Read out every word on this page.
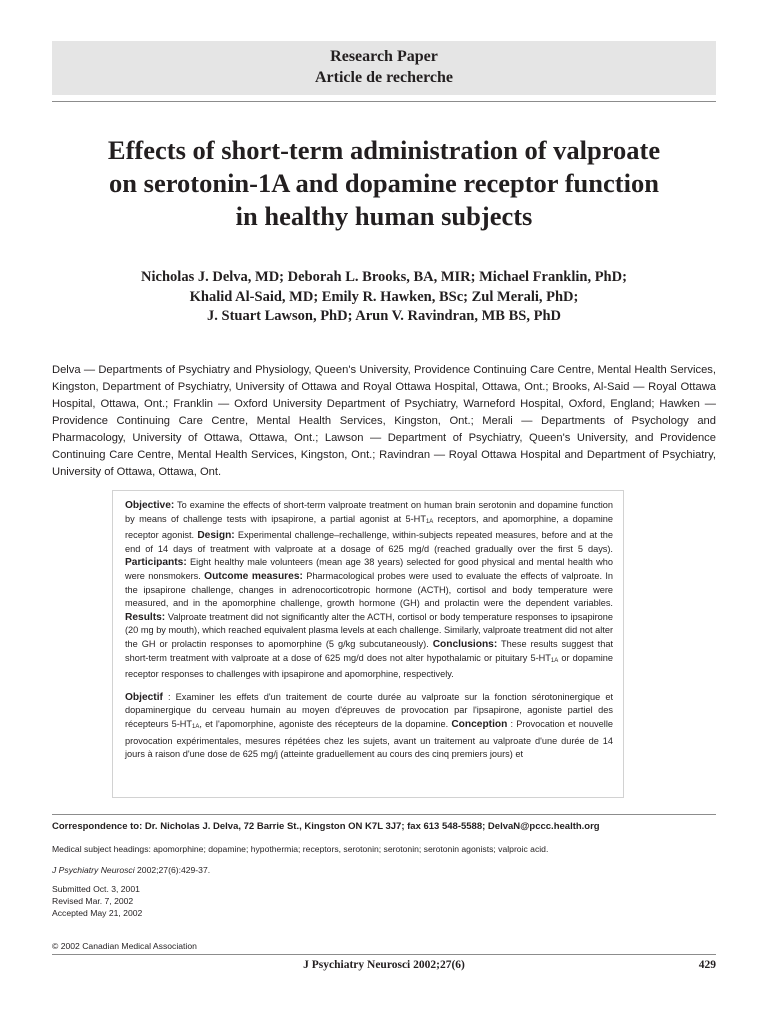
Research Paper
Article de recherche
Effects of short-term administration of valproate
on serotonin-1A and dopamine receptor function
in healthy human subjects
Nicholas J. Delva, MD; Deborah L. Brooks, BA, MIR; Michael Franklin, PhD;
Khalid Al-Said, MD; Emily R. Hawken, BSc; Zul Merali, PhD;
J. Stuart Lawson, PhD; Arun V. Ravindran, MB BS, PhD

Delva — Departments of Psychiatry and Physiology, Queen's University, Providence Continuing Care Centre, Mental Health Services, Kingston, Department of Psychiatry, University of Ottawa and Royal Ottawa Hospital, Ottawa, Ont.; Brooks, Al-Said — Royal Ottawa Hospital, Ottawa, Ont.; Franklin — Oxford University Department of Psychiatry, Warneford Hospital, Oxford, England; Hawken — Providence Continuing Care Centre, Mental Health Services, Kingston, Ont.; Merali — Departments of Psychology and Pharmacology, University of Ottawa, Ottawa, Ont.; Lawson — Department of Psychiatry, Queen's University, and Providence Continuing Care Centre, Mental Health Services, Kingston, Ont.; Ravindran — Royal Ottawa Hospital and Department of Psychiatry, University of Ottawa, Ottawa, Ont.

Objective: To examine the effects of short-term valproate treatment on human brain serotonin and dopamine function by means of challenge tests with ipsapirone, a partial agonist at 5-HT1A receptors, and apomorphine, a dopamine receptor agonist. Design: Experimental challenge–rechallenge, within-subjects repeated measures, before and at the end of 14 days of treatment with valproate at a dosage of 625 mg/d (reached gradually over the first 5 days). Participants: Eight healthy male volunteers (mean age 38 years) selected for good physical and mental health who were nonsmokers. Outcome measures: Pharmacological probes were used to evaluate the effects of valproate. In the ipsapirone challenge, changes in adrenocorticotropic hormone (ACTH), cortisol and body temperature were measured, and in the apomorphine challenge, growth hormone (GH) and prolactin were the dependent variables. Results: Valproate treatment did not significantly alter the ACTH, cortisol or body temperature responses to ipsapirone (20 mg by mouth), which reached equivalent plasma levels at each challenge. Similarly, valproate treatment did not alter the GH or prolactin responses to apomorphine (5 g/kg subcutaneously). Conclusions: These results suggest that short-term treatment with valproate at a dose of 625 mg/d does not alter hypothalamic or pituitary 5-HT1A or dopamine receptor responses to challenges with ipsapirone and apomorphine, respectively.

Objectif : Examiner les effets d'un traitement de courte durée au valproate sur la fonction sérotoninergique et dopaminergique du cerveau humain au moyen d'épreuves de provocation par l'ipsapirone, agoniste partiel des récepteurs 5-HT1A, et l'apomorphine, agoniste des récepteurs de la dopamine. Conception : Provocation et nouvelle provocation expérimentales, mesures répétées chez les sujets, avant un traitement au valproate d'une durée de 14 jours à raison d'une dose de 625 mg/j (atteinte graduellement au cours des cinq premiers jours) et

Correspondence to: Dr. Nicholas J. Delva, 72 Barrie St., Kingston ON K7L 3J7; fax 613 548-5588; DelvaN@pccc.health.org

Medical subject headings: apomorphine; dopamine; hypothermia; receptors, serotonin; serotonin; serotonin agonists; valproic acid.

J Psychiatry Neurosci 2002;27(6):429-37.

Submitted Oct. 3, 2001
Revised Mar. 7, 2002
Accepted May 21, 2002

© 2002 Canadian Medical Association

J Psychiatry Neurosci 2002;27(6)	429
